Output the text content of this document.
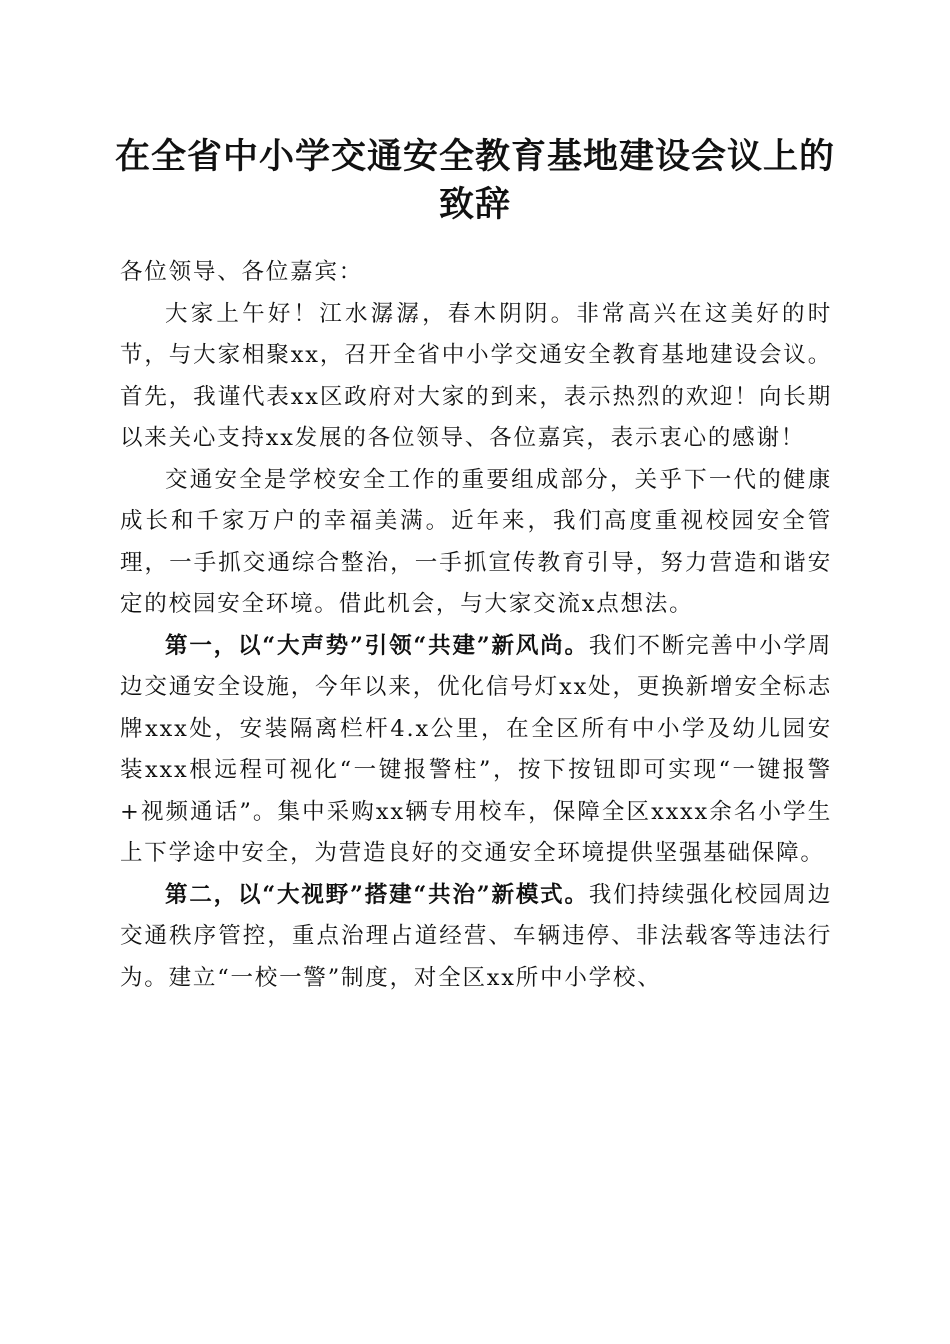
在全省中小学交通安全教育基地建设会议上的
致辞

各位领导、各位嘉宾：

大家上午好！江水潺潺，春木阴阴。非常高兴在这美好的时节，与大家相聚xx，召开全省中小学交通安全教育基地建设会议。首先，我谨代表xx区政府对大家的到来，表示热烈的欢迎！向长期以来关心支持xx发展的各位领导、各位嘉宾，表示衷心的感谢！

交通安全是学校安全工作的重要组成部分，关乎下一代的健康成长和千家万户的幸福美满。近年来，我们高度重视校园安全管理，一手抓交通综合整治，一手抓宣传教育引导，努力营造和谐安定的校园安全环境。借此机会，与大家交流x点想法。

第一，以“大声势”引领“共建”新风尚。我们不断完善中小学周边交通安全设施，今年以来，优化信号灯xx处，更换新增安全标志牌xxx处，安装隔离栏杆4.x公里，在全区所有中小学及幼儿园安装xxx根远程可视化“一键报警柱”，按下按钮即可实现“一键报警+视频通话”。集中采购xx辆专用校车，保障全区xxxx余名小学生上下学途中安全，为营造良好的交通安全环境提供坚强基础保障。

第二，以“大视野”搭建“共治”新模式。我们持续强化校园周边交通秩序管控，重点治理占道经营、车辆违停、非法载客等违法行为。建立“一校一警”制度，对全区xx所中小学校、
